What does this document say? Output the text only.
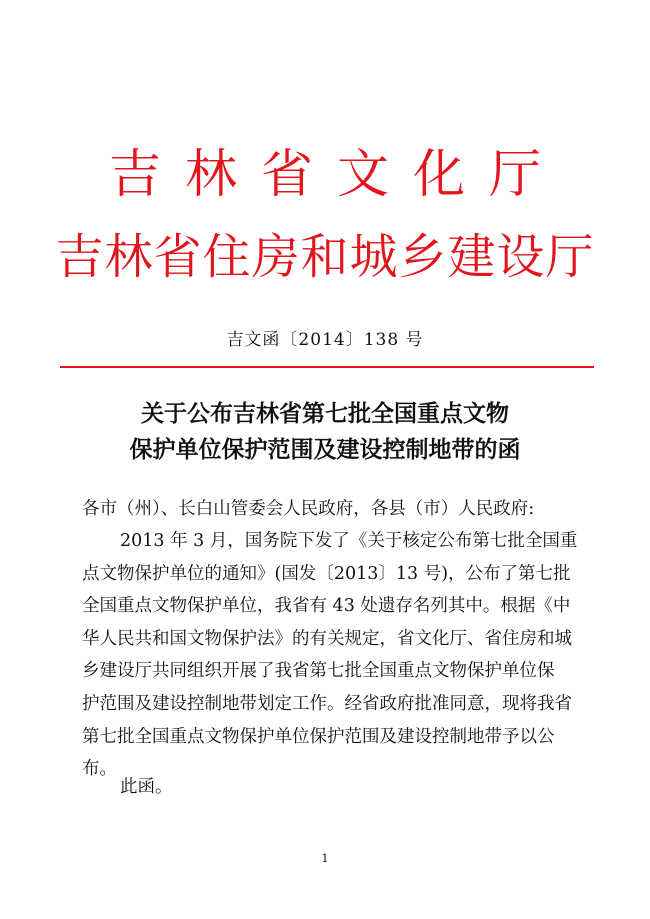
吉林省文化厅
吉林省住房和城乡建设厅
吉文函〔2014〕138 号
关于公布吉林省第七批全国重点文物
保护单位保护范围及建设控制地带的函
各市（州）、长白山管委会人民政府，各县（市）人民政府:
2013 年 3 月，国务院下发了《关于核定公布第七批全国重
点文物保护单位的通知》(国发〔2013〕13 号)，公布了第七批
全国重点文物保护单位，我省有 43 处遗存名列其中。根据《中
华人民共和国文物保护法》的有关规定，省文化厅、省住房和城
乡建设厅共同组织开展了我省第七批全国重点文物保护单位保
护范围及建设控制地带划定工作。经省政府批准同意，现将我省
第七批全国重点文物保护单位保护范围及建设控制地带予以公
布。
此函。
1
